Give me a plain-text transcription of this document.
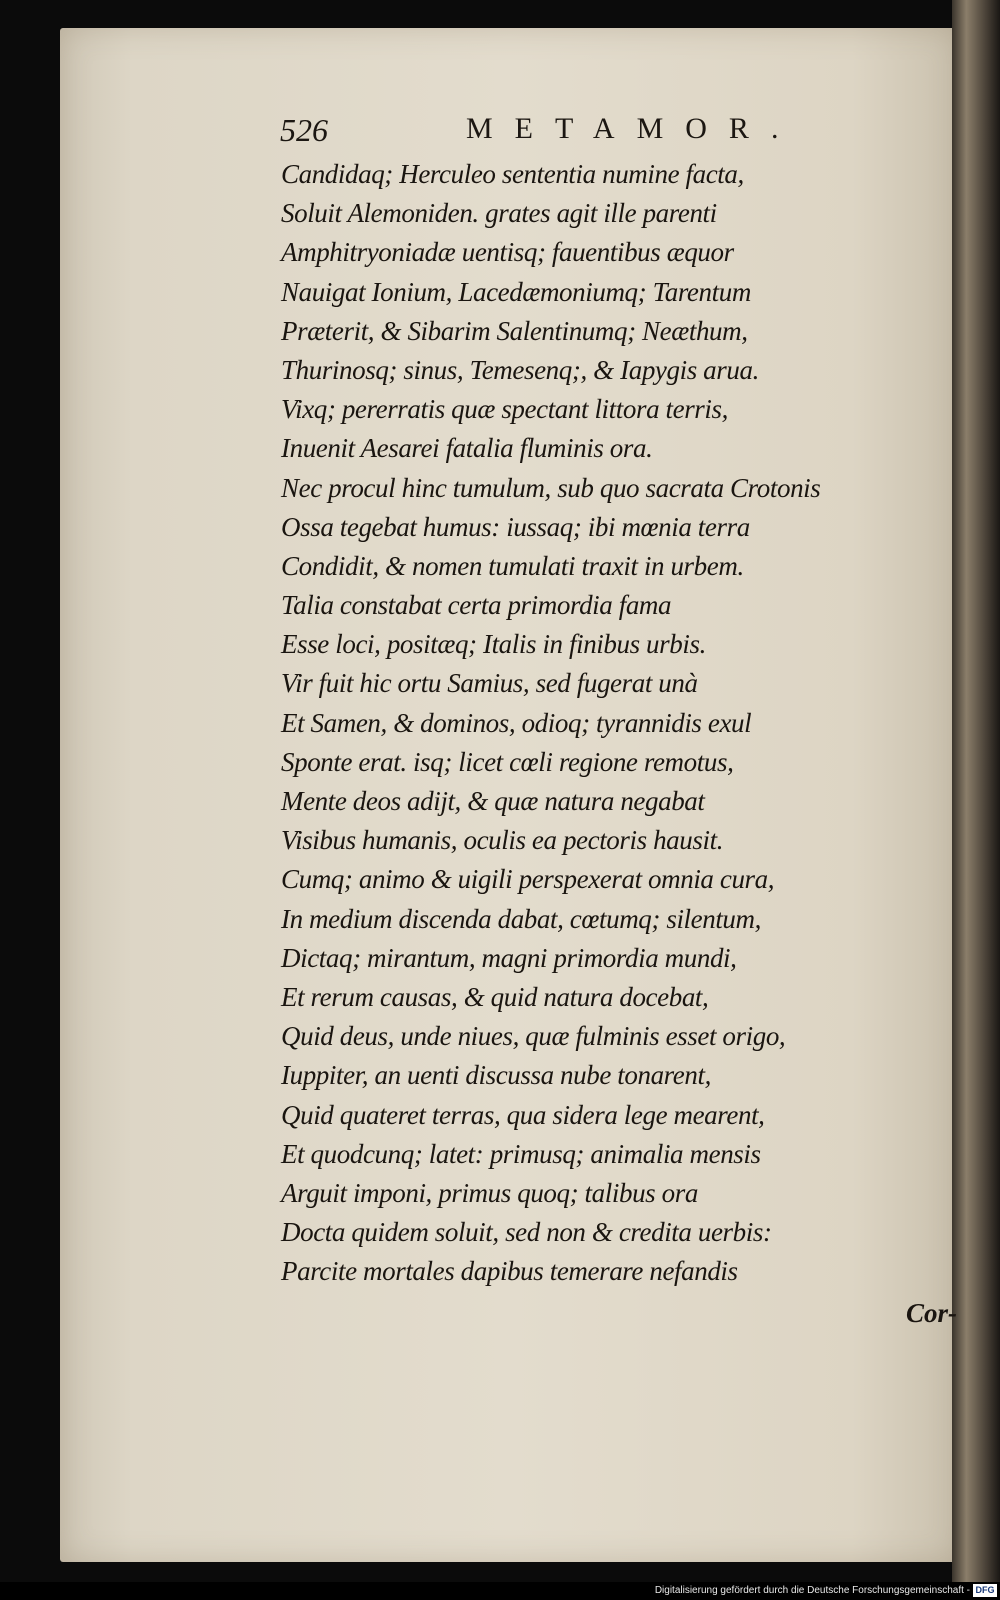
526	METAMOR.
Candidaq; Herculeo sententia numine facta,
Soluit Alemoniden. grates agit ille parenti
Amphitryoniadæ uentisq; fauentibus æquor
Nauigat Ionium, Lacedæmoniumq; Tarentum
Præterit, & Sibarim Salentinumq; Neæthum,
Thurinosq; sinus, Temesenq;, & Iapygis arua.
Vixq; pererratis quæ spectant littora terris,
Inuenit Aesarei fatalia fluminis ora.
Nec procul hinc tumulum, sub quo sacrata Crotonis
Ossa tegebat humus: iussaq; ibi mœnia terra
Condidit, & nomen tumulati traxit in urbem.
Talia constabat certa primordia fama
Esse loci, positæq; Italis in finibus urbis.
Vir fuit hic ortu Samius, sed fugerat unà
Et Samen, & dominos, odioq; tyrannidis exul
Sponte erat. isq; licet cœli regione remotus,
Mente deos adijt, & quæ natura negabat
Visibus humanis, oculis ea pectoris hausit.
Cumq; animo & uigili perspexerat omnia cura,
In medium discenda dabat, cœtumq; silentum,
Dictaq; mirantum, magni primordia mundi,
Et rerum causas, & quid natura docebat,
Quid deus, unde niues, quæ fulminis esset origo,
Iuppiter, an uenti discussa nube tonarent,
Quid quateret terras, qua sidera lege mearent,
Et quodcunq; latet: primusq; animalia mensis
Arguit imponi, primus quoq; talibus ora
Docta quidem soluit, sed non & credita uerbis:
Parcite mortales dapibus temerare nefandis
Cor-
Digitalisierung gefördert durch die Deutsche Forschungsgemeinschaft - DFG
